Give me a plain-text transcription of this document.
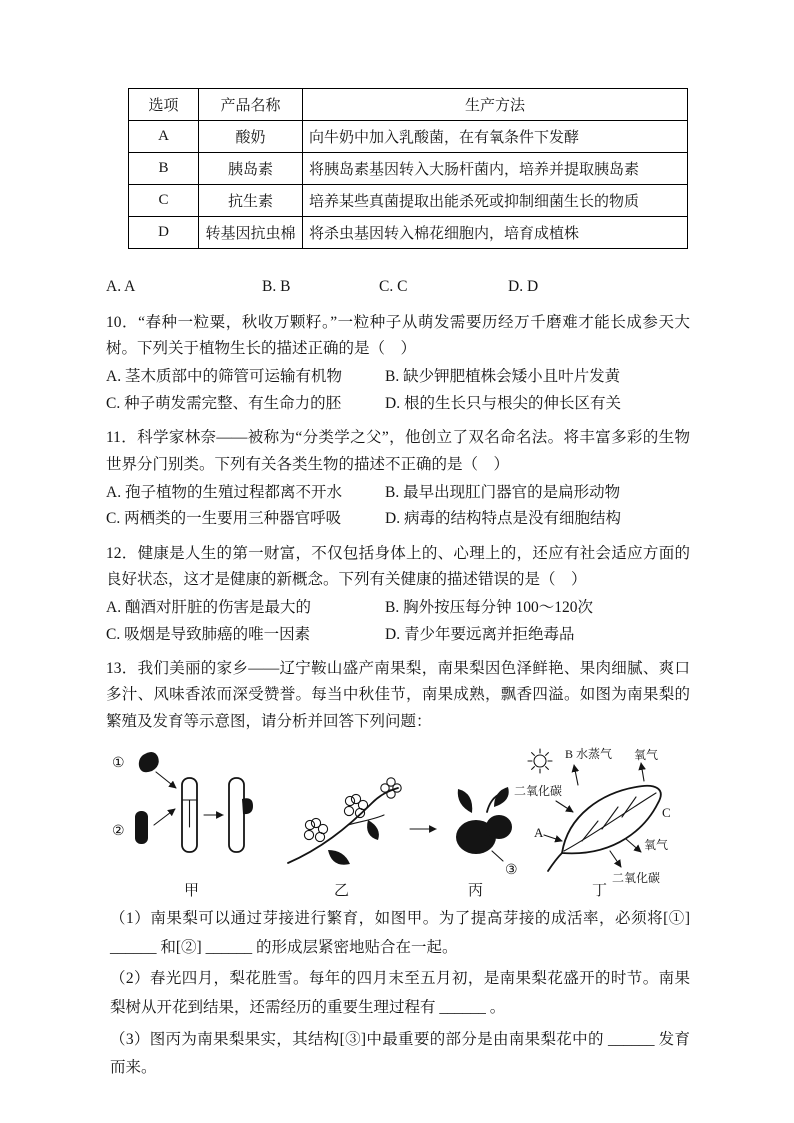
选项	产品名称	生产方法
A	酸奶	向牛奶中加入乳酸菌，在有氧条件下发酵
B	胰岛素	将胰岛素基因转入大肠杆菌内，培养并提取胰岛素
C	抗生素	培养某些真菌提取出能杀死或抑制细菌生长的物质
D	转基因抗虫棉	将杀虫基因转入棉花细胞内，培育成植株
A. A	B. B	C. C	D. D

10．“春种一粒粟，秋收万颗籽。”一粒种子从萌发需要历经万千磨难才能长成参天大树。下列关于植物生长的描述正确的是（　）

A. 茎木质部中的筛管可运输有机物	B. 缺少钾肥植株会矮小且叶片发黄
C. 种子萌发需完整、有生命力的胚	D. 根的生长只与根尖的伸长区有关

11．科学家林奈——被称为“分类学之父”，他创立了双名命名法。将丰富多彩的生物世界分门别类。下列有关各类生物的描述不正确的是（　）

A. 孢子植物的生殖过程都离不开水	B. 最早出现肛门器官的是扁形动物
C. 两栖类的一生要用三种器官呼吸	D. 病毒的结构特点是没有细胞结构

12．健康是人生的第一财富，不仅包括身体上的、心理上的，还应有社会适应方面的良好状态，这才是健康的新概念。下列有关健康的描述错误的是（　）

A. 酗酒对肝脏的伤害是最大的	B. 胸外按压每分钟 100～120次
C. 吸烟是导致肺癌的唯一因素	D. 青少年要远离并拒绝毒品

13．我们美丽的家乡——辽宁鞍山盛产南果梨，南果梨因色泽鲜艳、果肉细腻、爽口多汁、风味香浓而深受赞誉。每当中秋佳节，南果成熟，飘香四溢。如图为南果梨的繁殖及发育等示意图，请分析并回答下列问题：

①
②
③
B 水蒸气 氧气
二氧化碳
A
C
氧气
二氧化碳
甲	乙	丙	丁

（1）南果梨可以通过芽接进行繁育，如图甲。为了提高芽接的成活率，必须将[①] ______ 和[②] ______ 的形成层紧密地贴合在一起。

（2）春光四月，梨花胜雪。每年的四月末至五月初，是南果梨花盛开的时节。南果梨树从开花到结果，还需经历的重要生理过程有 ______ 。

（3）图丙为南果梨果实，其结构[③]中最重要的部分是由南果梨花中的 ______ 发育而来。
